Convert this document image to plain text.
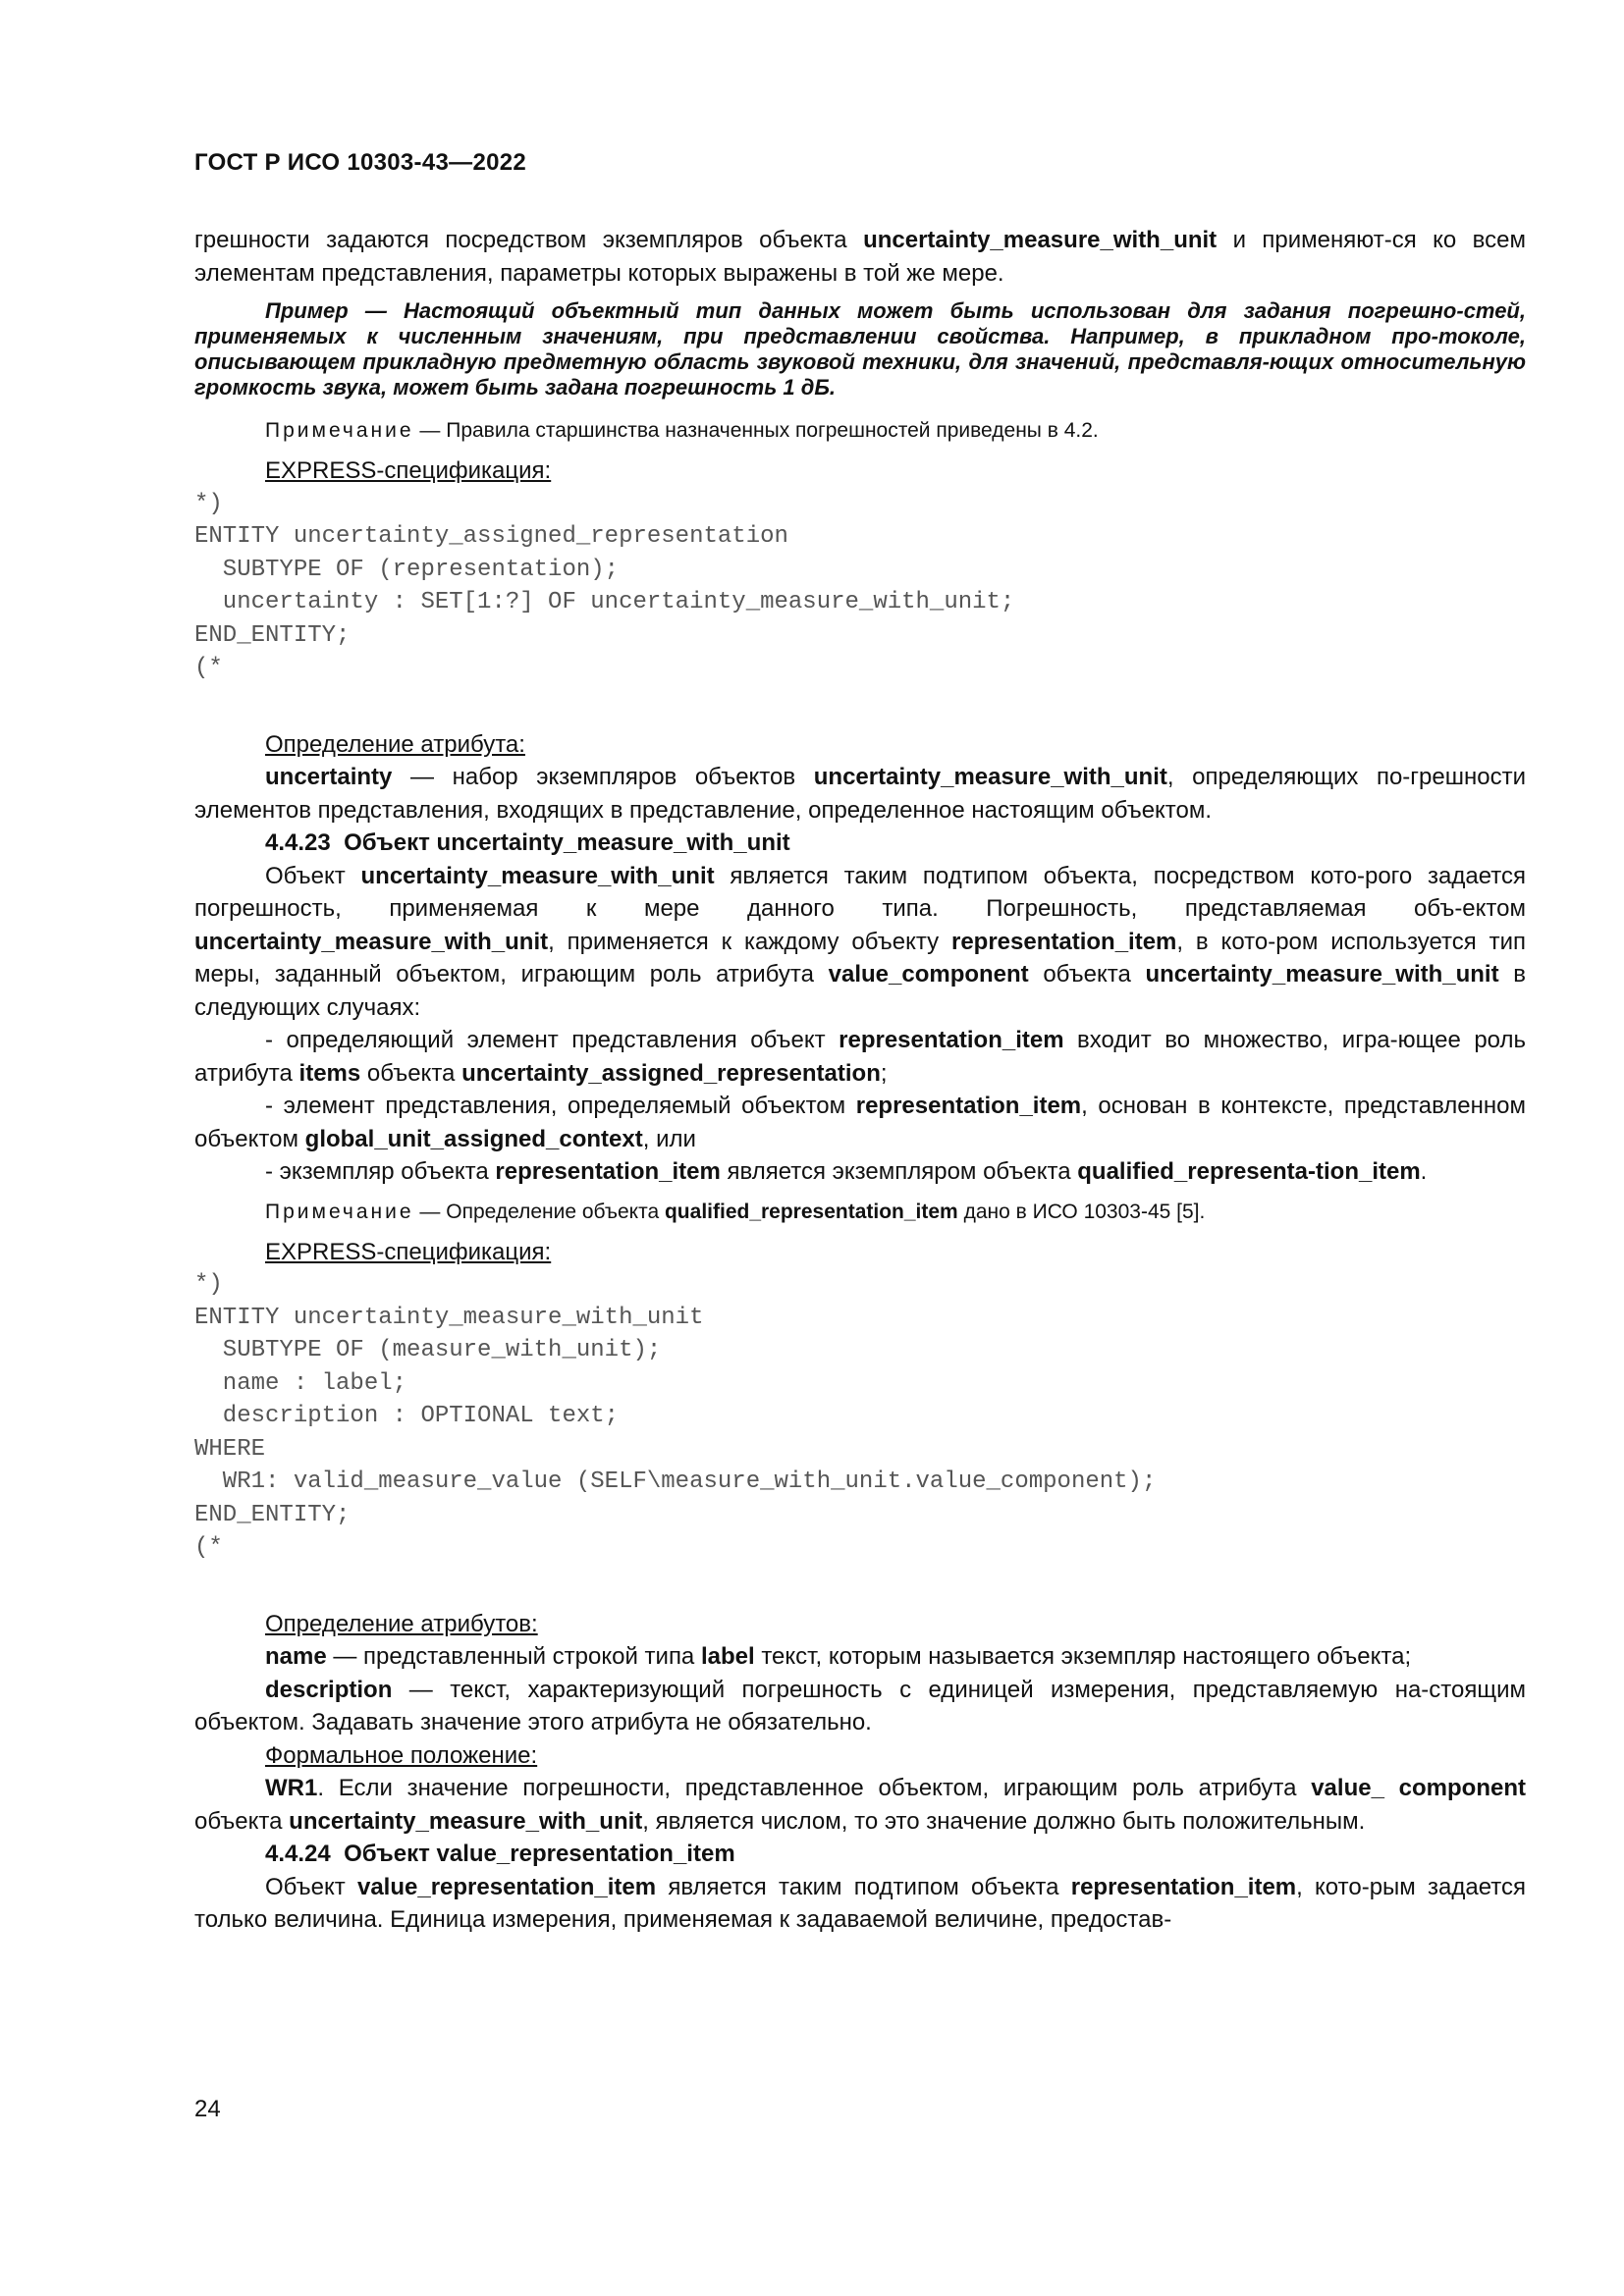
ГОСТ Р ИСО 10303-43—2022

грешности задаются посредством экземпляров объекта uncertainty_measure_with_unit и применяют-ся ко всем элементам представления, параметры которых выражены в той же мере.

Пример — Настоящий объектный тип данных может быть использован для задания погрешно-стей, применяемых к численным значениям, при представлении свойства. Например, в прикладном про-токоле, описывающем прикладную предметную область звуковой техники, для значений, представля-ющих относительную громкость звука, может быть задана погрешность 1 дБ.

Примечание — Правила старшинства назначенных погрешностей приведены в 4.2.

EXPRESS-спецификация:

*)
ENTITY uncertainty_assigned_representation
SUBTYPE OF (representation);
uncertainty : SET[1:?] OF uncertainty_measure_with_unit;
END_ENTITY;
(*

Определение атрибута:

uncertainty — набор экземпляров объектов uncertainty_measure_with_unit, определяющих по-грешности элементов представления, входящих в представление, определенное настоящим объектом.

4.4.23 Объект uncertainty_measure_with_unit

Объект uncertainty_measure_with_unit является таким подтипом объекта, посредством кото-рого задается погрешность, применяемая к мере данного типа. Погрешность, представляемая объ-ектом uncertainty_measure_with_unit, применяется к каждому объекту representation_item, в кото-ром используется тип меры, заданный объектом, играющим роль атрибута value_component объекта uncertainty_measure_with_unit в следующих случаях:

- определяющий элемент представления объект representation_item входит во множество, игра-ющее роль атрибута items объекта uncertainty_assigned_representation;

- элемент представления, определяемый объектом representation_item, основан в контексте, представленном объектом global_unit_assigned_context, или

- экземпляр объекта representation_item является экземпляром объекта qualified_representa-tion_item.

Примечание — Определение объекта qualified_representation_item дано в ИСО 10303-45 [5].

EXPRESS-спецификация:

*)
ENTITY uncertainty_measure_with_unit
SUBTYPE OF (measure_with_unit);
name : label;
description : OPTIONAL text;
WHERE
WR1: valid_measure_value (SELF\measure_with_unit.value_component);
END_ENTITY;
(*

Определение атрибутов:

name — представленный строкой типа label текст, которым называется экземпляр настоящего объекта;

description — текст, характеризующий погрешность с единицей измерения, представляемую на-стоящим объектом. Задавать значение этого атрибута не обязательно.

Формальное положение:

WR1. Если значение погрешности, представленное объектом, играющим роль атрибута value_ component объекта uncertainty_measure_with_unit, является числом, то это значение должно быть положительным.

4.4.24 Объект value_representation_item

Объект value_representation_item является таким подтипом объекта representation_item, кото-рым задается только величина. Единица измерения, применяемая к задаваемой величине, предостав-

24
